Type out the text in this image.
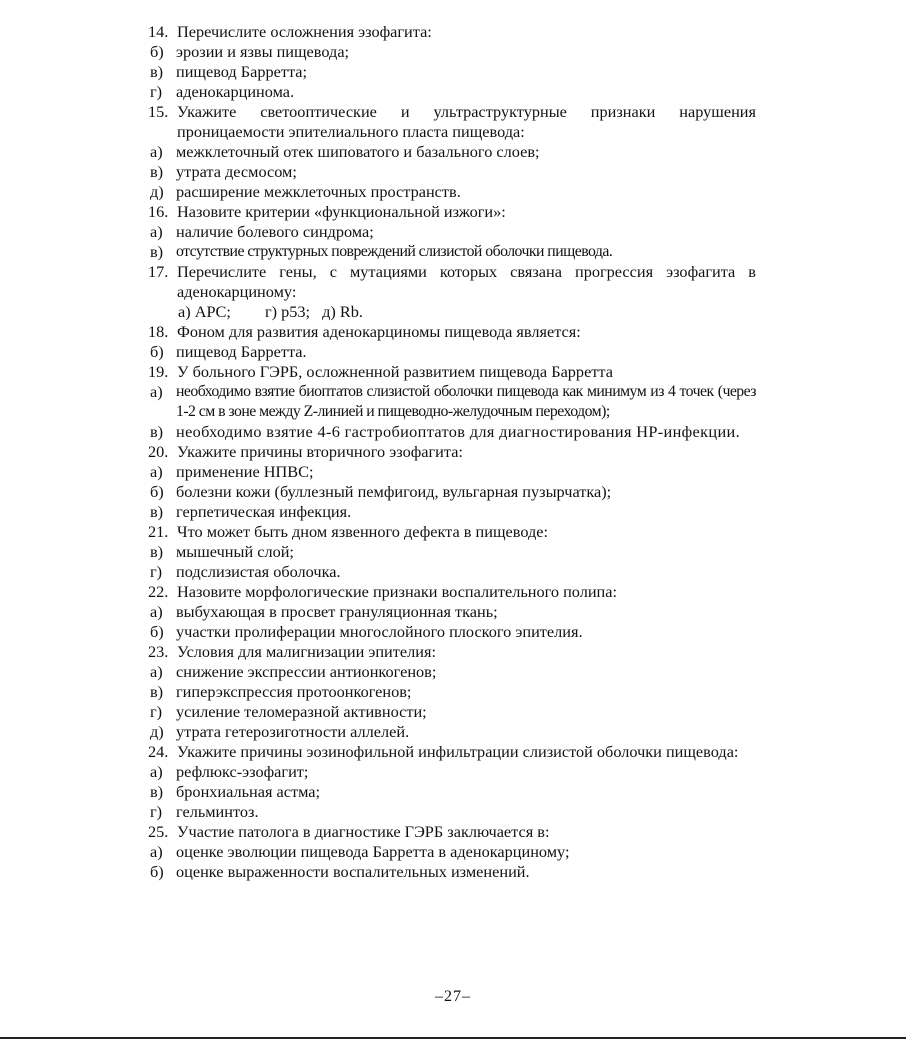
14. Перечислите осложнения эзофагита:
б) эрозии и язвы пищевода;
в) пищевод Барретта;
г) аденокарцинома.
15. Укажите светооптические и ультраструктурные признаки нарушения проницаемости эпителиального пласта пищевода:
а) межклеточный отек шиповатого и базального слоев;
в) утрата десмосом;
д) расширение межклеточных пространств.
16. Назовите критерии «функциональной изжоги»:
а) наличие болевого синдрома;
в) отсутствие структурных повреждений слизистой оболочки пищевода.
17. Перечислите гены, с мутациями которых связана прогрессия эзофагита в аденокарциному:
а) APC; г) p53; д) Rb.
18. Фоном для развития аденокарциномы пищевода является:
б) пищевод Барретта.
19. У больного ГЭРБ, осложненной развитием пищевода Барретта
а) необходимо взятие биоптатов слизистой оболочки пищевода как минимум из 4 точек (через 1-2 см в зоне между Z-линией и пищеводно-желудочным переходом);
в) необходимо взятие 4-6 гастробиоптатов для диагностирования HP-инфекции.
20. Укажите причины вторичного эзофагита:
а) применение НПВС;
б) болезни кожи (буллезный пемфигоид, вульгарная пузырчатка);
в) герпетическая инфекция.
21. Что может быть дном язвенного дефекта в пищеводе:
в) мышечный слой;
г) подслизистая оболочка.
22. Назовите морфологические признаки воспалительного полипа:
а) выбухающая в просвет грануляционная ткань;
б) участки пролиферации многослойного плоского эпителия.
23. Условия для малигнизации эпителия:
а) снижение экспрессии антионкогенов;
в) гиперэкспрессия протоонкогенов;
г) усиление теломеразной активности;
д) утрата гетерозиготности аллелей.
24. Укажите причины эозинофильной инфильтрации слизистой оболочки пищевода:
а) рефлюкс-эзофагит;
в) бронхиальная астма;
г) гельминтоз.
25. Участие патолога в диагностике ГЭРБ заключается в:
а) оценке эволюции пищевода Барретта в аденокарциному;
б) оценке выраженности воспалительных изменений.
–27–
